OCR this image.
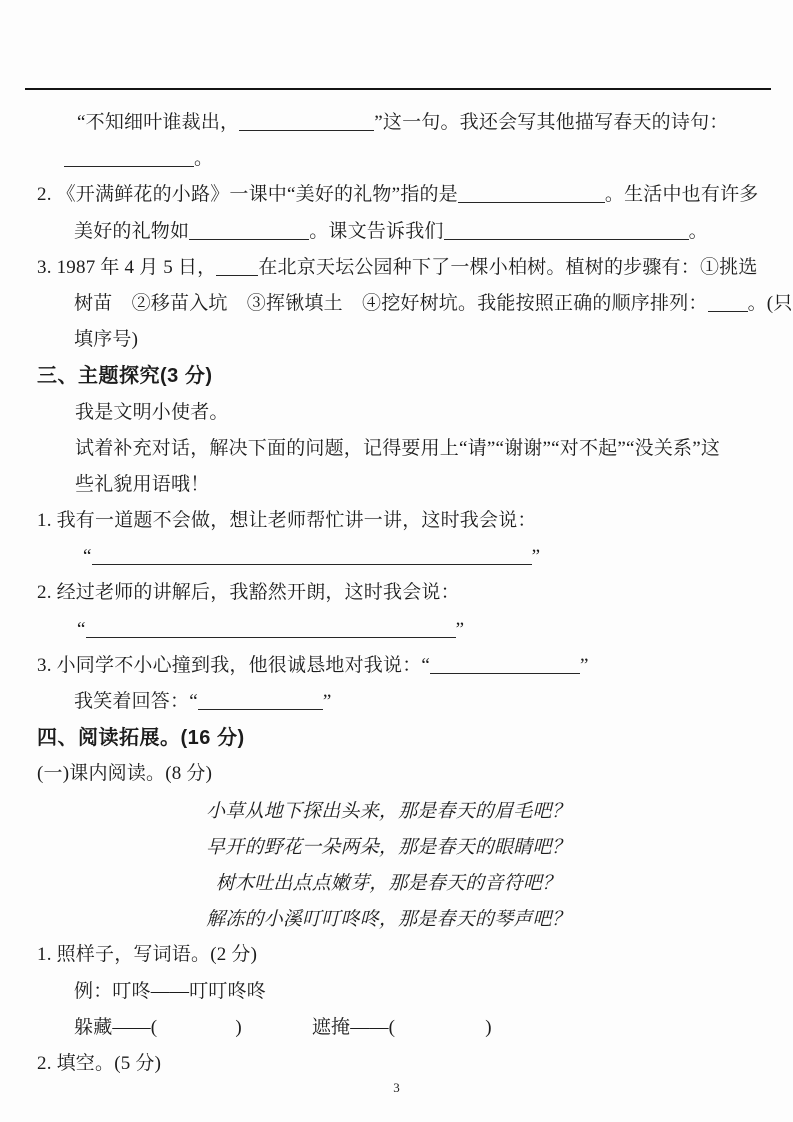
“不知细叶谁裁出，	”这一句。我还会写其他描写春天的诗句：
。
2. 《开满鲜花的小路》一课中“美好的礼物”指的是	。生活中也有许多
美好的礼物如	。课文告诉我们	。
3. 1987 年 4 月 5 日， 在北京天坛公园种下了一棵小柏树。植树的步骤有：①挑选
树苗　②移苗入坑　③挥锹填土　④挖好树坑。我能按照正确的顺序排列： 。(只
填序号)
三、主题探究(3 分)
我是文明小使者。
试着补充对话，解决下面的问题，记得要用上“请”“谢谢”“对不起”“没关系”这
些礼貌用语哦！
1. 我有一道题不会做，想让老师帮忙讲一讲，这时我会说：
“	”
2. 经过老师的讲解后，我豁然开朗，这时我会说：
“	”
3. 小同学不小心撞到我，他很诚恳地对我说：“	”
我笑着回答：“	”
四、阅读拓展。(16 分)
(一)课内阅读。(8 分)
小草从地下探出头来，那是春天的眉毛吧？
早开的野花一朵两朵，那是春天的眼睛吧？
树木吐出点点嫩芽，那是春天的音符吧？
解冻的小溪叮叮咚咚，那是春天的琴声吧？
1. 照样子，写词语。(2 分)
例：叮咚——叮叮咚咚
躲藏——(	)	遮掩——(	)
2. 填空。(5 分)
3
